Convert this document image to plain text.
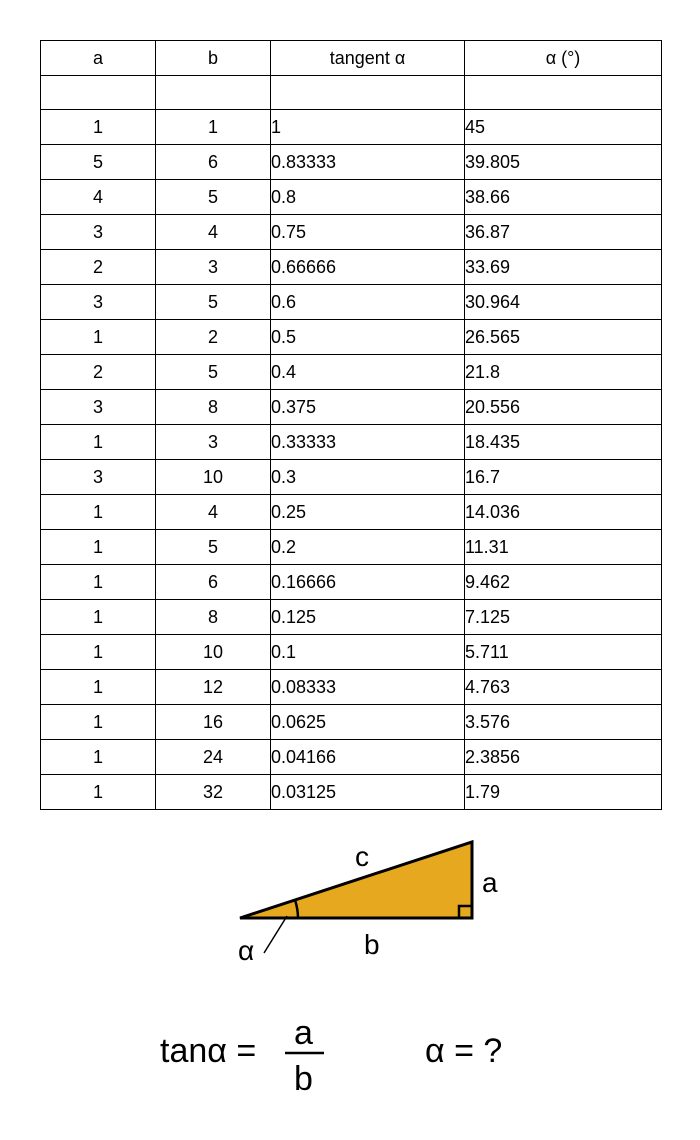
a	b	tangent α	α (°)

1	1	1	45
5	6	0.83333	39.805
4	5	0.8	38.66
3	4	0.75	36.87
2	3	0.66666	33.69
3	5	0.6	30.964
1	2	0.5	26.565
2	5	0.4	21.8
3	8	0.375	20.556
1	3	0.33333	18.435
3	10	0.3	16.7
1	4	0.25	14.036
1	5	0.2	11.31
1	6	0.16666	9.462
1	8	0.125	7.125
1	10	0.1	5.711
1	12	0.08333	4.763
1	16	0.0625	3.576
1	24	0.04166	2.3856
1	32	0.03125	1.79
c
a
b
α
tanα = a
b
α = ?
